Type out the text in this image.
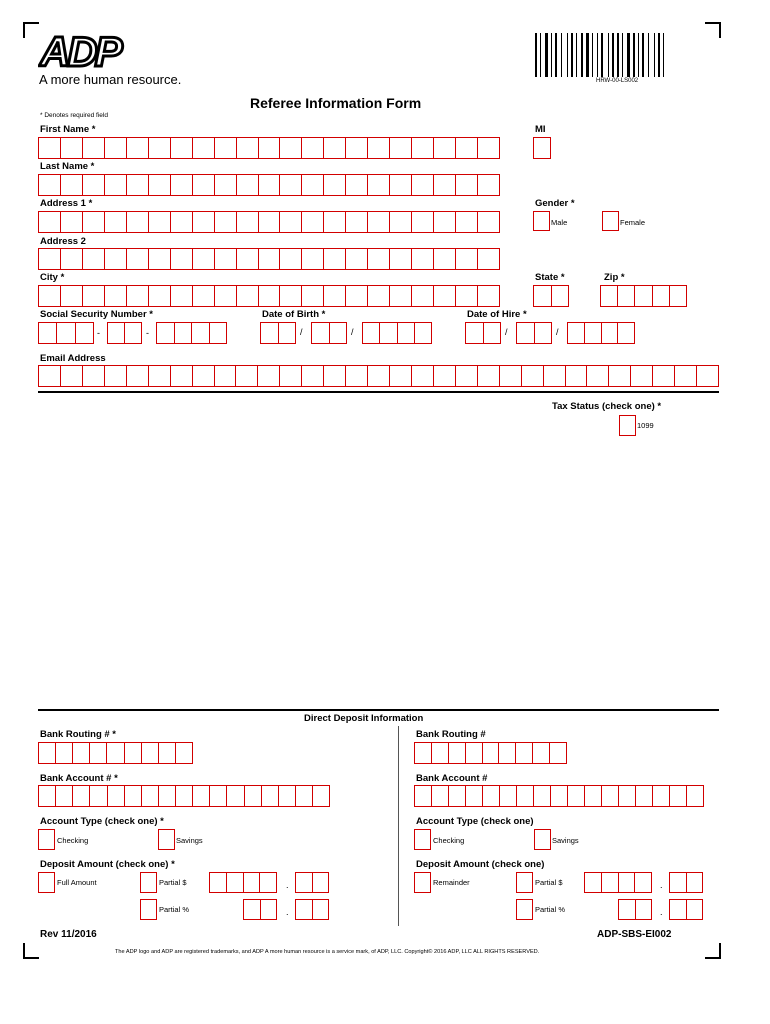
ADP
A more human resource.	HRW-00-LS002
Referee Information Form
* Denotes required field
First Name *	MI
Last Name *
Address 1 *	Gender *
Male	Female
Address 2
City *	State *	Zip *
Social Security Number *
-	-
Date of Birth *
/	/
Date of Hire *
/	/
Email Address
Tax Status (check one) *
1099
Direct Deposit Information
Bank Routing # *
Bank Account # *
Account Type (check one) *
Checking	Savings
Deposit Amount (check one) *
Full Amount	Partial $	.
Partial %	.
Bank Routing #
Bank Account #
Account Type (check one)
Checking	Savings
Deposit Amount (check one)
Remainder	Partial $	.
Partial %	.
Rev 11/2016	ADP-SBS-EI002
The ADP logo and ADP are registered trademarks, and ADP A more human resource is a service mark, of ADP, LLC. Copyright© 2016 ADP, LLC ALL RIGHTS RESERVED.
